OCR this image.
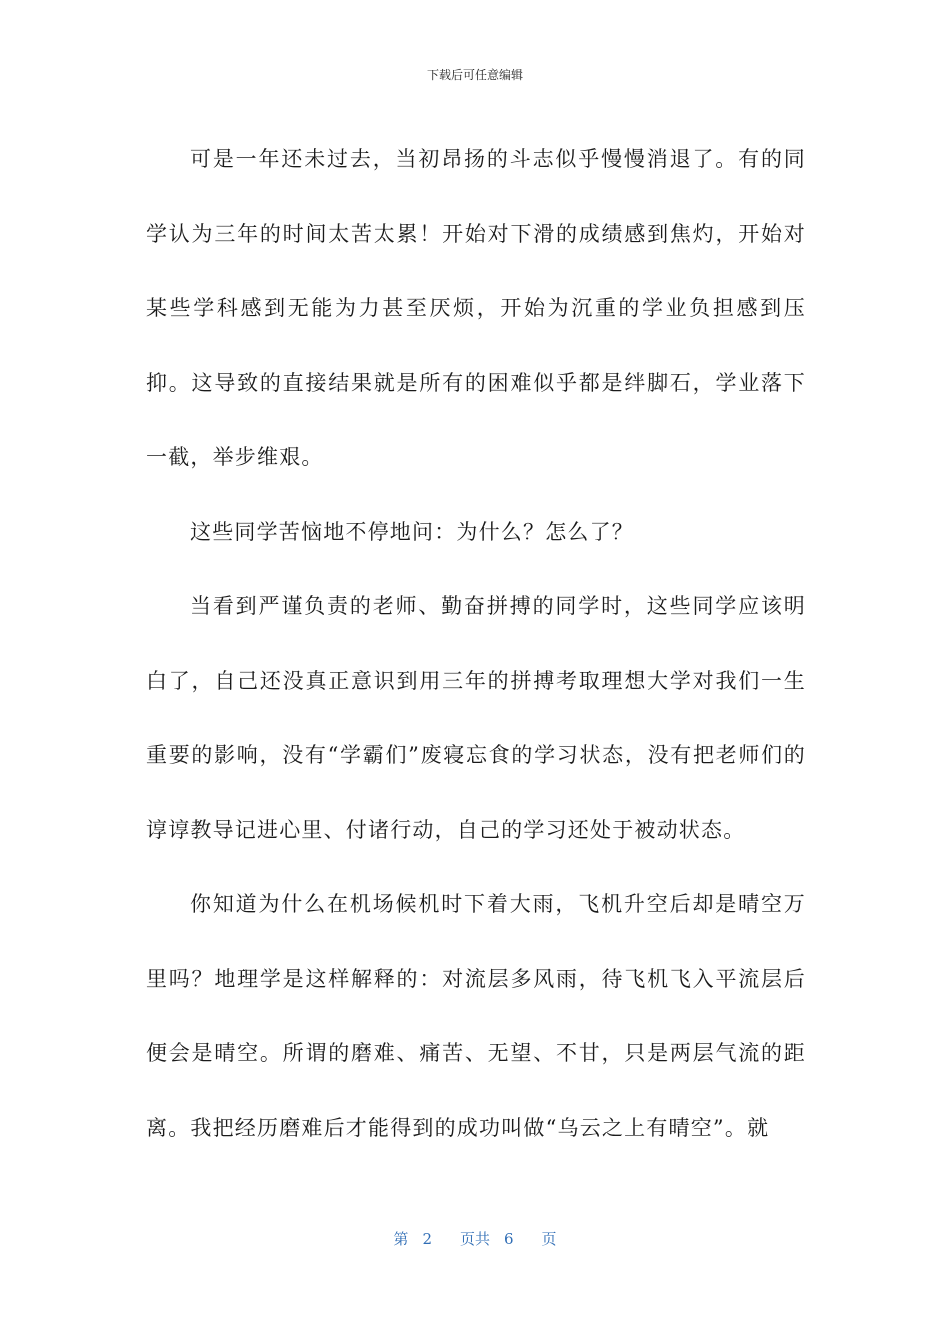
下载后可任意编辑

可是一年还未过去，当初昂扬的斗志似乎慢慢消退了。有的同学认为三年的时间太苦太累！开始对下滑的成绩感到焦灼，开始对某些学科感到无能为力甚至厌烦，开始为沉重的学业负担感到压抑。这导致的直接结果就是所有的困难似乎都是绊脚石，学业落下一截，举步维艰。

这些同学苦恼地不停地问：为什么？怎么了？

当看到严谨负责的老师、勤奋拼搏的同学时，这些同学应该明白了，自己还没真正意识到用三年的拼搏考取理想大学对我们一生重要的影响，没有“学霸们”废寝忘食的学习状态，没有把老师们的谆谆教导记进心里、付诸行动，自己的学习还处于被动状态。

你知道为什么在机场候机时下着大雨，飞机升空后却是晴空万里吗？地理学是这样解释的：对流层多风雨，待飞机飞入平流层后便会是晴空。所谓的磨难、痛苦、无望、不甘，只是两层气流的距离。我把经历磨难后才能得到的成功叫做“乌云之上有晴空”。就

第 2 页共 6 页
